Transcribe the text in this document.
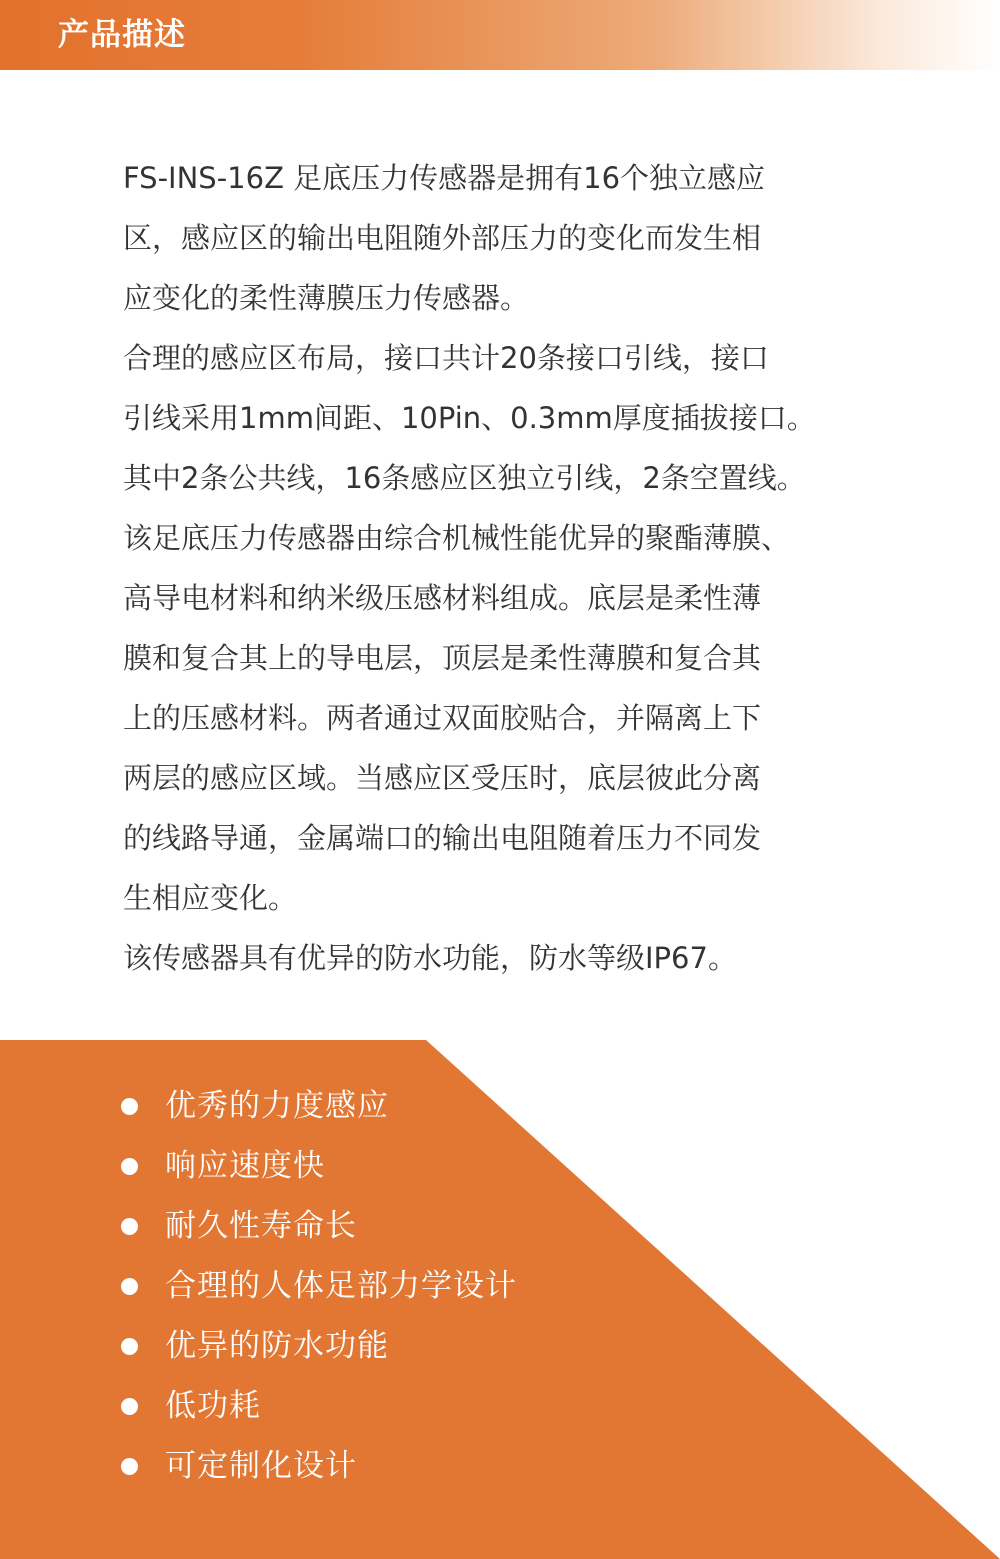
产品描述
FS-INS-16Z 足底压力传感器是拥有16个独立感应
区，感应区的输出电阻随外部压力的变化而发生相
应变化的柔性薄膜压力传感器。
合理的感应区布局，接口共计20条接口引线，接口
引线采用1mm间距、10Pin、0.3mm厚度插拔接口。
其中2条公共线，16条感应区独立引线，2条空置线。
该足底压力传感器由综合机械性能优异的聚酯薄膜、
高导电材料和纳米级压感材料组成。底层是柔性薄
膜和复合其上的导电层，顶层是柔性薄膜和复合其
上的压感材料。两者通过双面胶贴合，并隔离上下
两层的感应区域。当感应区受压时，底层彼此分离
的线路导通，金属端口的输出电阻随着压力不同发
生相应变化。
该传感器具有优异的防水功能，防水等级IP67。
优秀的力度感应
响应速度快
耐久性寿命长
合理的人体足部力学设计
优异的防水功能
低功耗
可定制化设计
